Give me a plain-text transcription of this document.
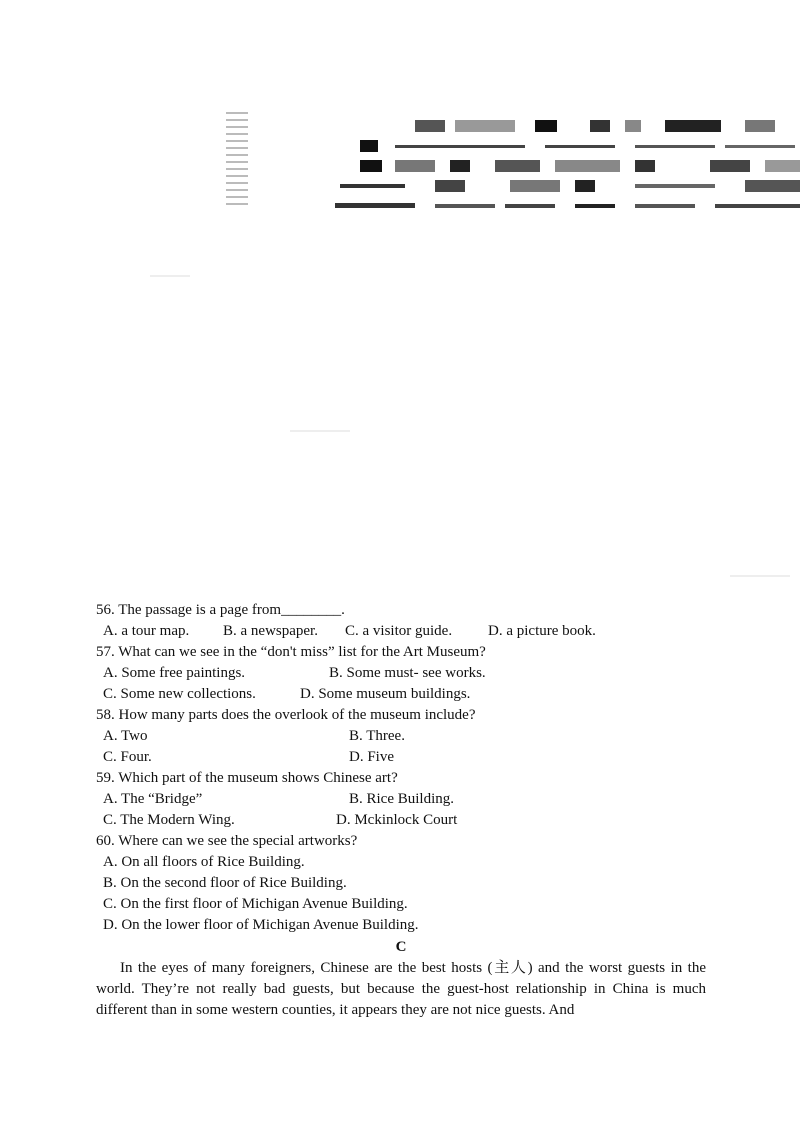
56. The passage is a page from________.

A. a tour map.	B. a newspaper.	C. a visitor guide.	D. a picture book.

57. What can we see in the “don't miss” list for the Art Museum?

A. Some free paintings.	B. Some must- see works.
C. Some new collections.	D. Some museum buildings.

58. How many parts does the overlook of the museum include?

A. Two	B. Three.
C. Four.	D. Five

59. Which part of the museum shows Chinese art?

A. The “Bridge”	B. Rice Building.
C. The Modern Wing.	D. Mckinlock Court

60. Where can we see the special artworks?

A. On all floors of Rice Building.
B. On the second floor of Rice Building.
C. On the first floor of Michigan Avenue Building.
D. On the lower floor of Michigan Avenue Building.
C
In the eyes of many foreigners, Chinese are the best hosts (主人) and the worst guests in the world. They’re not really bad guests, but because the guest-host relationship in China is much different than in some western counties, it appears they are not nice guests. And
